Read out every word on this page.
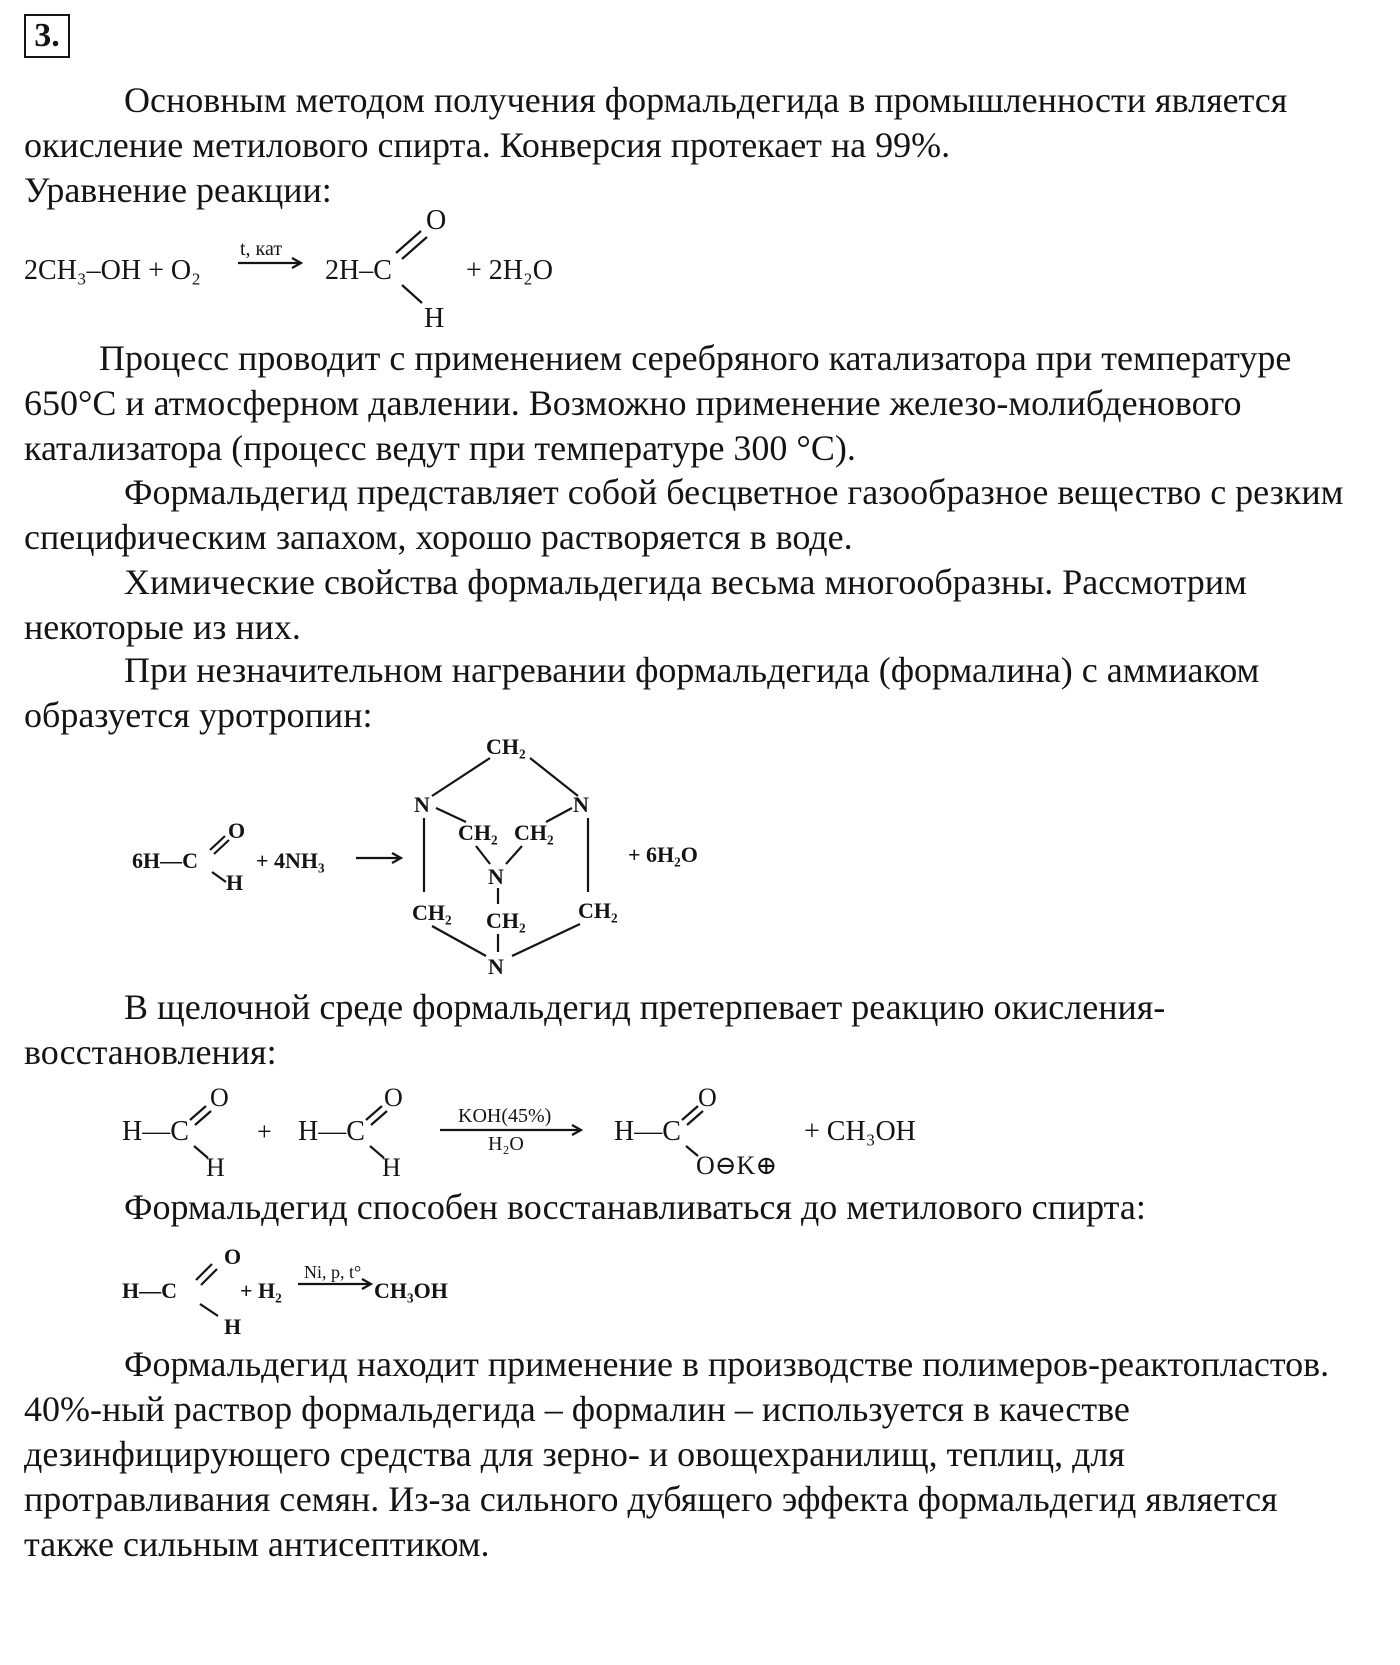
3.

Основным методом получения формальдегида в промышленности является окисление метилового спирта. Конверсия протекает на 99%.

Уравнение реакции:
2CH₃–OH + O₂
t, кат
2H–C
O
H
+ 2H₂O

Процесс проводит с применением серебряного катализатора при температуре 650°C и атмосферном давлении. Возможно применение железо-молибденового катализатора (процесс ведут при температуре 300 °C).

Формальдегид представляет собой бесцветное газообразное вещество с резким специфическим запахом, хорошо растворяется в воде.

Химические свойства формальдегида весьма многообразны. Рассмотрим некоторые из них.

При незначительном нагревании формальдегида (формалина) с аммиаком образуется уротропин:

6H—C
O
H
+ 4NH₃
CH₂
N	N
CH₂ CH₂
N
CH₂ CH₂ CH₂
N
+ 6H₂O

В щелочной среде формальдегид претерпевает реакцию окисления-восстановления:

H—C
O
H
+ H—C
O
H
KOH(45%)
H₂O	H—C
O
O⊖K⊕
+ CH₃OH
Формальдегид способен восстанавливаться до метилового спирта:
H—C
O
H
+ H₂
Ni, p, t°
CH₃OH

Формальдегид находит применение в производстве полимеров-реактопластов. 40%-ный раствор формальдегида – формалин – используется в качестве дезинфицирующего средства для зерно- и овощехранилищ, теплиц, для протравливания семян. Из-за сильного дубящего эффекта формальдегид является также сильным антисептиком.
